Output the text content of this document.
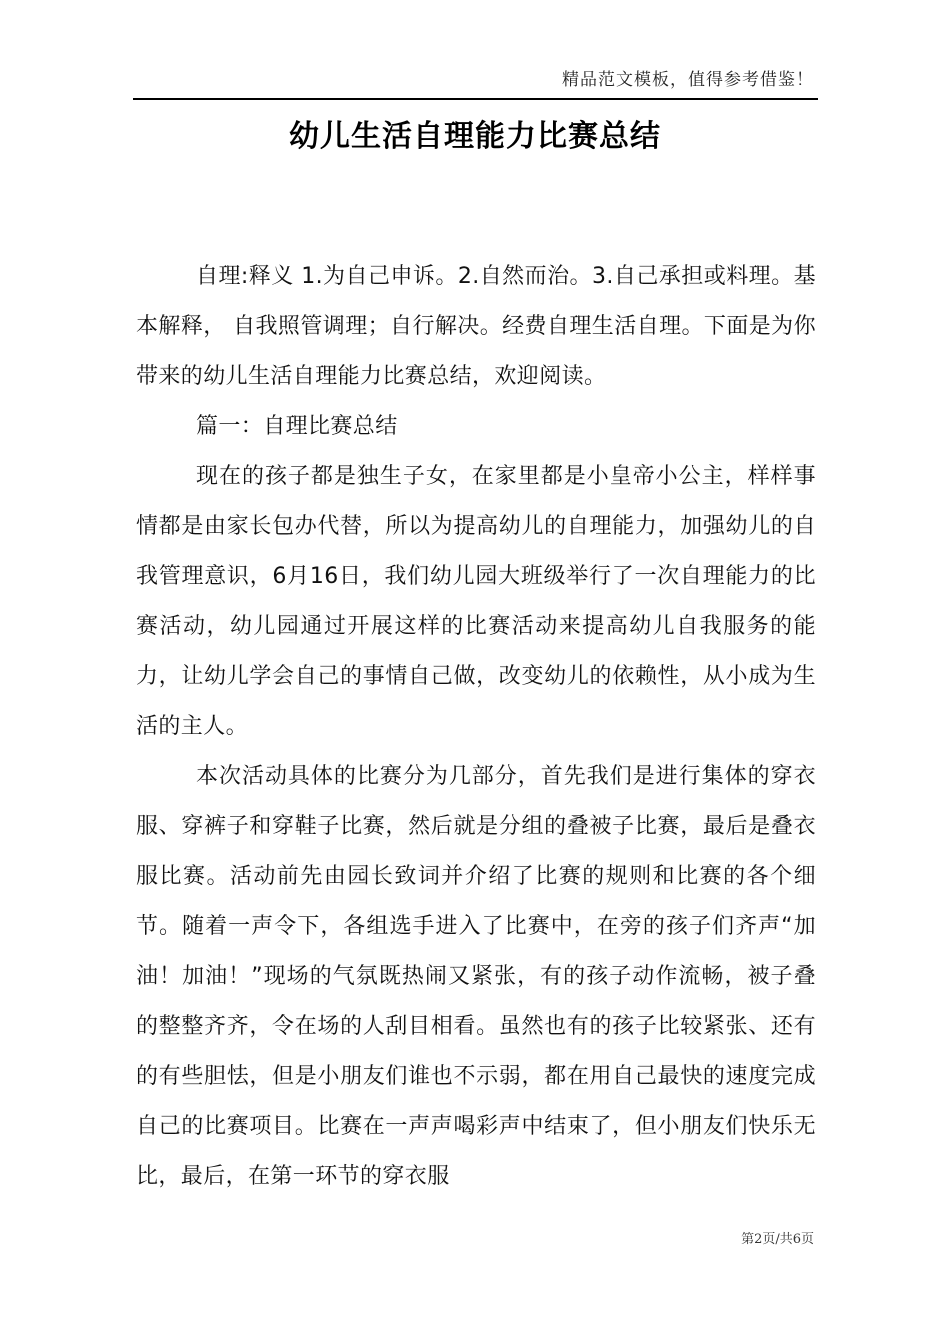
精品范文模板，值得参考借鉴！
幼儿生活自理能力比赛总结

自理:释义 1.为自己申诉。2.自然而治。3.自己承担或料理。基本解释， 自我照管调理；自行解决。经费自理生活自理。下面是为你带来的幼儿生活自理能力比赛总结，欢迎阅读。

篇一：自理比赛总结

现在的孩子都是独生子女，在家里都是小皇帝小公主，样样事情都是由家长包办代替，所以为提高幼儿的自理能力，加强幼儿的自我管理意识，6月16日，我们幼儿园大班级举行了一次自理能力的比赛活动，幼儿园通过开展这样的比赛活动来提高幼儿自我服务的能力，让幼儿学会自己的事情自己做，改变幼儿的依赖性，从小成为生活的主人。

本次活动具体的比赛分为几部分，首先我们是进行集体的穿衣服、穿裤子和穿鞋子比赛，然后就是分组的叠被子比赛，最后是叠衣服比赛。活动前先由园长致词并介绍了比赛的规则和比赛的各个细节。随着一声令下，各组选手进入了比赛中，在旁的孩子们齐声“加油！加油！”现场的气氛既热闹又紧张，有的孩子动作流畅，被子叠的整整齐齐，令在场的人刮目相看。虽然也有的孩子比较紧张、还有的有些胆怯，但是小朋友们谁也不示弱，都在用自己最快的速度完成自己的比赛项目。比赛在一声声喝彩声中结束了，但小朋友们快乐无比，最后，在第一环节的穿衣服

第2页/共6页
